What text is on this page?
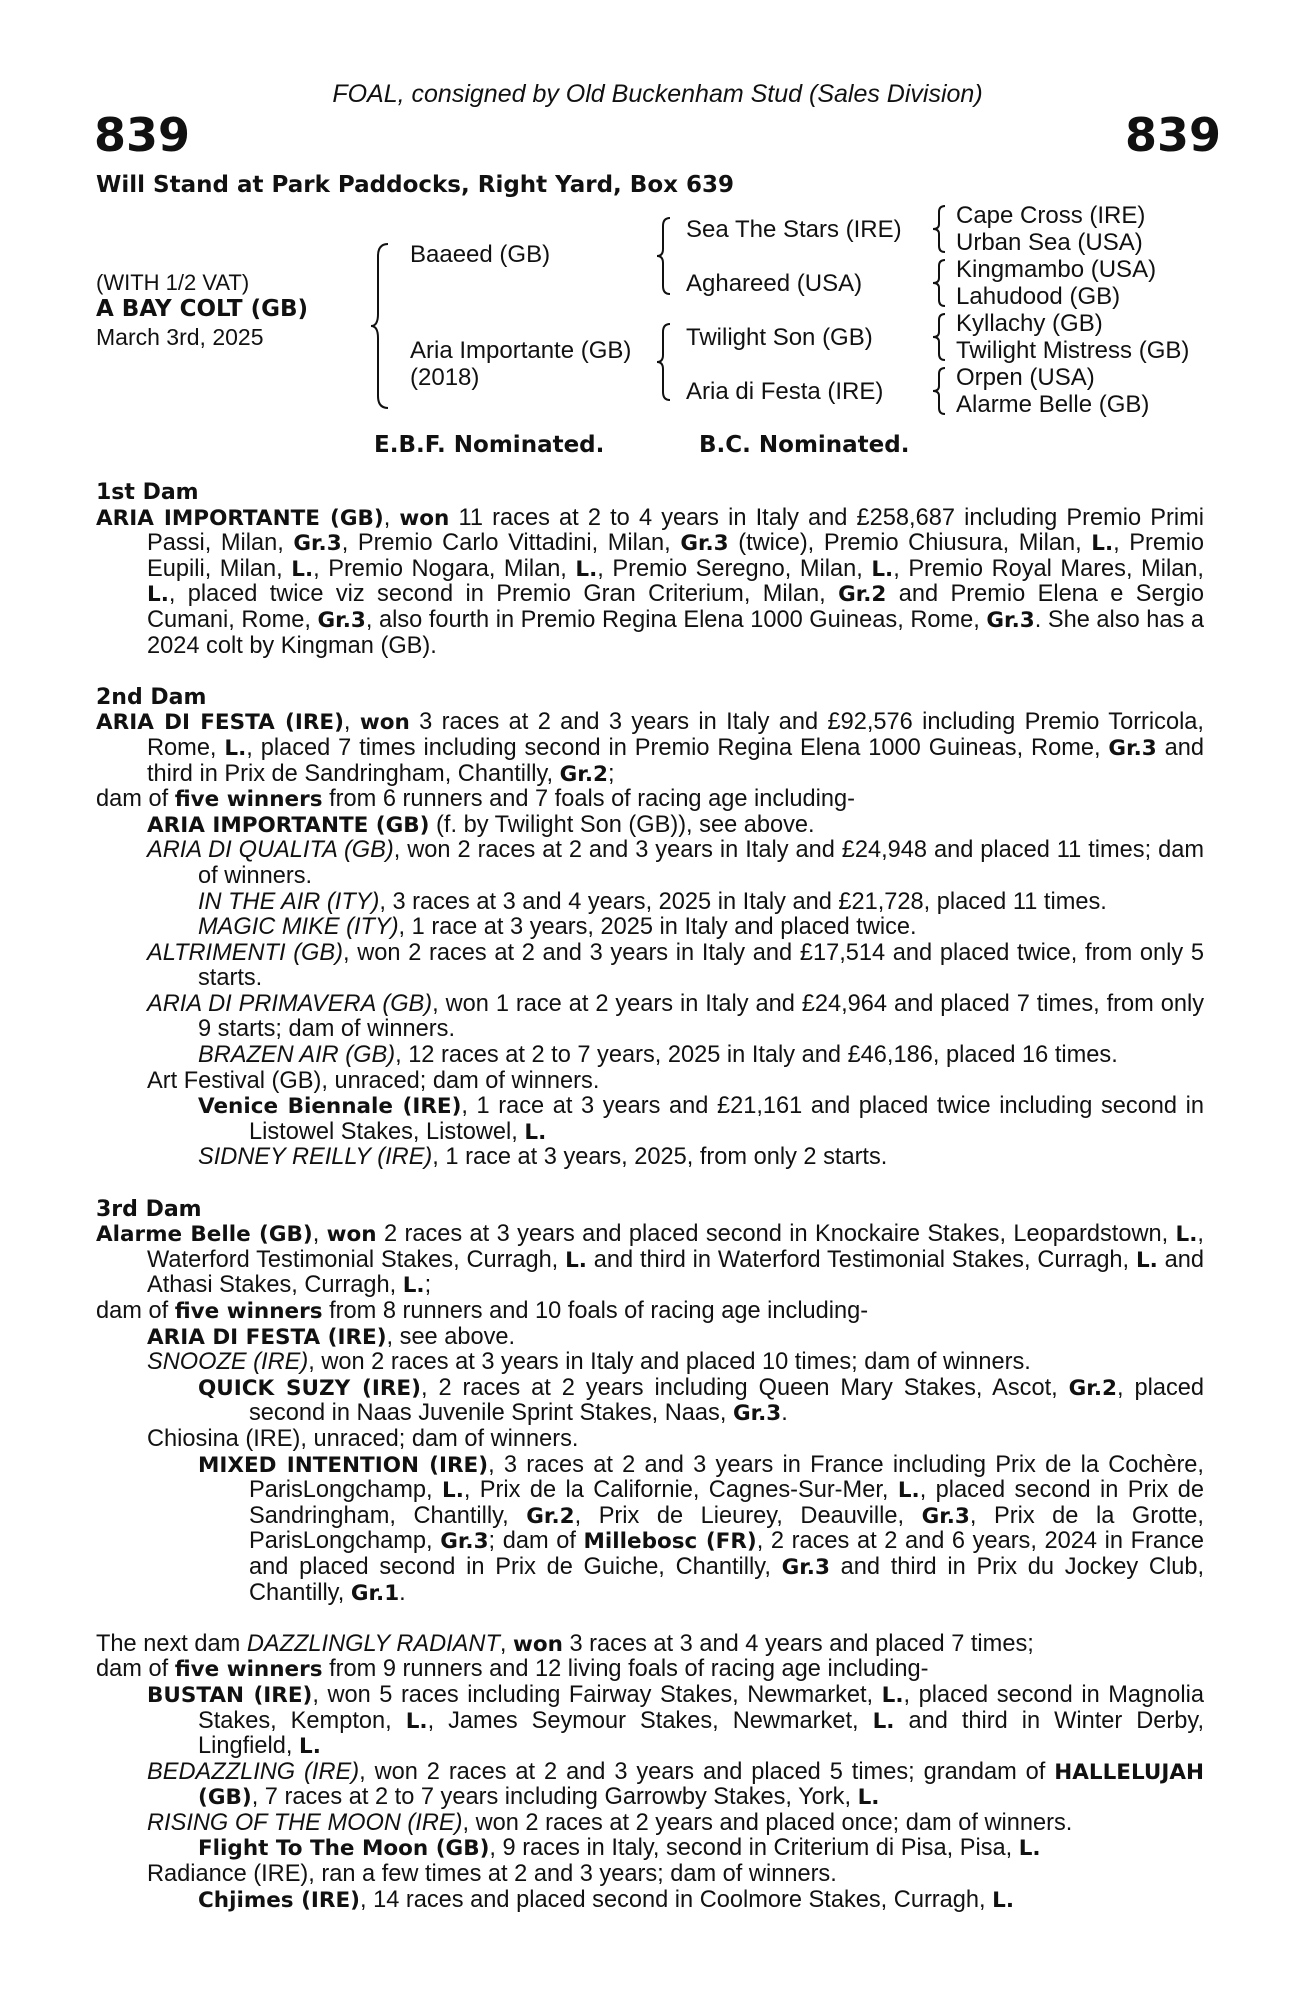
FOAL, consigned by Old Buckenham Stud (Sales Division)
839	839
Will Stand at Park Paddocks, Right Yard, Box 639
(WITH 1/2 VAT)
A BAY COLT (GB)
March 3rd, 2025
Baaeed (GB)
Aria Importante (GB)
(2018)
Sea The Stars (IRE)
Aghareed (USA)
Twilight Son (GB)
Aria di Festa (IRE)
Cape Cross (IRE)
Urban Sea (USA)
Kingmambo (USA)
Lahudood (GB)
Kyllachy (GB)
Twilight Mistress (GB)
Orpen (USA)
Alarme Belle (GB)
E.B.F. Nominated.	B.C. Nominated.
1st Dam

ARIA IMPORTANTE (GB), won 11 races at 2 to 4 years in Italy and £258,687 including Premio Primi Passi, Milan, Gr.3, Premio Carlo Vittadini, Milan, Gr.3 (twice), Premio Chiusura, Milan, L., Premio Eupili, Milan, L., Premio Nogara, Milan, L., Premio Seregno, Milan, L., Premio Royal Mares, Milan, L., placed twice viz second in Premio Gran Criterium, Milan, Gr.2 and Premio Elena e Sergio Cumani, Rome, Gr.3, also fourth in Premio Regina Elena 1000 Guineas, Rome, Gr.3. She also has a 2024 colt by Kingman (GB).

2nd Dam

ARIA DI FESTA (IRE), won 3 races at 2 and 3 years in Italy and £92,576 including Premio Torricola, Rome, L., placed 7 times including second in Premio Regina Elena 1000 Guineas, Rome, Gr.3 and third in Prix de Sandringham, Chantilly, Gr.2;

dam of five winners from 6 runners and 7 foals of racing age including-

ARIA IMPORTANTE (GB) (f. by Twilight Son (GB)), see above.

ARIA DI QUALITA (GB), won 2 races at 2 and 3 years in Italy and £24,948 and placed 11 times; dam of winners.

IN THE AIR (ITY), 3 races at 3 and 4 years, 2025 in Italy and £21,728, placed 11 times.

MAGIC MIKE (ITY), 1 race at 3 years, 2025 in Italy and placed twice.

ALTRIMENTI (GB), won 2 races at 2 and 3 years in Italy and £17,514 and placed twice, from only 5 starts.

ARIA DI PRIMAVERA (GB), won 1 race at 2 years in Italy and £24,964 and placed 7 times, from only 9 starts; dam of winners.

BRAZEN AIR (GB), 12 races at 2 to 7 years, 2025 in Italy and £46,186, placed 16 times.

Art Festival (GB), unraced; dam of winners.

Venice Biennale (IRE), 1 race at 3 years and £21,161 and placed twice including second in Listowel Stakes, Listowel, L.

SIDNEY REILLY (IRE), 1 race at 3 years, 2025, from only 2 starts.

3rd Dam

Alarme Belle (GB), won 2 races at 3 years and placed second in Knockaire Stakes, Leopardstown, L., Waterford Testimonial Stakes, Curragh, L. and third in Waterford Testimonial Stakes, Curragh, L. and Athasi Stakes, Curragh, L.;

dam of five winners from 8 runners and 10 foals of racing age including-

ARIA DI FESTA (IRE), see above.

SNOOZE (IRE), won 2 races at 3 years in Italy and placed 10 times; dam of winners.

QUICK SUZY (IRE), 2 races at 2 years including Queen Mary Stakes, Ascot, Gr.2, placed second in Naas Juvenile Sprint Stakes, Naas, Gr.3.

Chiosina (IRE), unraced; dam of winners.

MIXED INTENTION (IRE), 3 races at 2 and 3 years in France including Prix de la Cochère, ParisLongchamp, L., Prix de la Californie, Cagnes-Sur-Mer, L., placed second in Prix de Sandringham, Chantilly, Gr.2, Prix de Lieurey, Deauville, Gr.3, Prix de la Grotte, ParisLongchamp, Gr.3; dam of Millebosc (FR), 2 races at 2 and 6 years, 2024 in France and placed second in Prix de Guiche, Chantilly, Gr.3 and third in Prix du Jockey Club, Chantilly, Gr.1.

The next dam DAZZLINGLY RADIANT, won 3 races at 3 and 4 years and placed 7 times;

dam of five winners from 9 runners and 12 living foals of racing age including-

BUSTAN (IRE), won 5 races including Fairway Stakes, Newmarket, L., placed second in Magnolia Stakes, Kempton, L., James Seymour Stakes, Newmarket, L. and third in Winter Derby, Lingfield, L.

BEDAZZLING (IRE), won 2 races at 2 and 3 years and placed 5 times; grandam of HALLELUJAH (GB), 7 races at 2 to 7 years including Garrowby Stakes, York, L.

RISING OF THE MOON (IRE), won 2 races at 2 years and placed once; dam of winners.

Flight To The Moon (GB), 9 races in Italy, second in Criterium di Pisa, Pisa, L.

Radiance (IRE), ran a few times at 2 and 3 years; dam of winners.

Chjimes (IRE), 14 races and placed second in Coolmore Stakes, Curragh, L.
